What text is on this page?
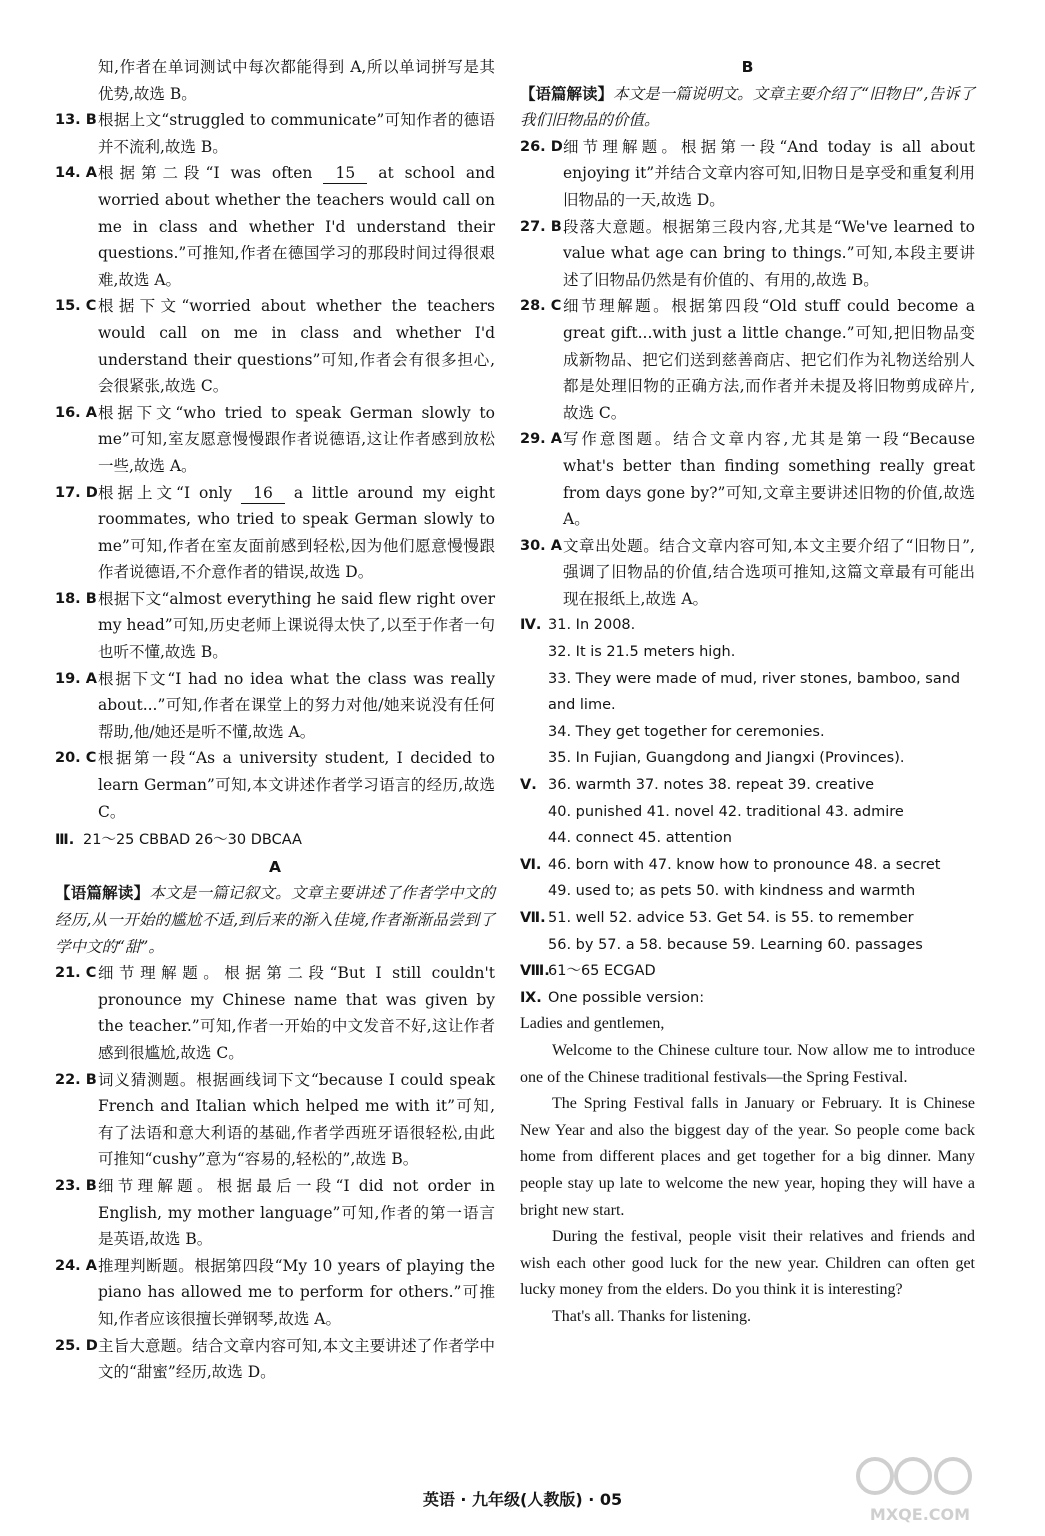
知,作者在单词测试中每次都能得到 A,所以单词拼写是其优势,故选 B。
13. B 根据上文“struggled to communicate”可知作者的德语并不流利,故选 B。
14. A 根据第二段“I was often 15 at school and worried about whether the teachers would call on me in class and whether I'd understand their questions.”可推知,作者在德国学习的那段时间过得很艰难,故选 A。
15. C 根据下文“worried about whether the teachers would call on me in class and whether I'd understand their questions”可知,作者会有很多担心,会很紧张,故选 C。
16. A 根据下文“who tried to speak German slowly to me”可知,室友愿意慢慢跟作者说德语,这让作者感到放松一些,故选 A。
17. D 根据上文“I only 16 a little around my eight roommates, who tried to speak German slowly to me”可知,作者在室友面前感到轻松,因为他们愿意慢慢跟作者说德语,不介意作者的错误,故选 D。
18. B 根据下文“almost everything he said flew right over my head”可知,历史老师上课说得太快了,以至于作者一句也听不懂,故选 B。
19. A 根据下文“I had no idea what the class was really about...”可知,作者在课堂上的努力对他/她来说没有任何帮助,他/她还是听不懂,故选 A。
20. C 根据第一段“As a university student, I decided to learn German”可知,本文讲述作者学习语言的经历,故选 C。
Ⅲ. 21～25 CBBAD 26～30 DBCAA
A
【语篇解读】本文是一篇记叙文。文章主要讲述了作者学中文的经历,从一开始的尴尬不适,到后来的渐入佳境,作者渐渐品尝到了学中文的“甜”。
21. C 细节理解题。根据第二段“But I still couldn't pronounce my Chinese name that was given by the teacher.”可知,作者一开始的中文发音不好,这让作者感到很尴尬,故选 C。
22. B 词义猜测题。根据画线词下文“because I could speak French and Italian which helped me with it”可知,有了法语和意大利语的基础,作者学西班牙语很轻松,由此可推知“cushy”意为“容易的,轻松的”,故选 B。
23. B 细节理解题。根据最后一段“I did not order in English, my mother language”可知,作者的第一语言是英语,故选 B。
24. A 推理判断题。根据第四段“My 10 years of playing the piano has allowed me to perform for others.”可推知,作者应该很擅长弹钢琴,故选 A。
25. D 主旨大意题。结合文章内容可知,本文主要讲述了作者学中文的“甜蜜”经历,故选 D。
B
【语篇解读】本文是一篇说明文。文章主要介绍了“旧物日”,告诉了我们旧物品的价值。
26. D 细节理解题。根据第一段“And today is all about enjoying it”并结合文章内容可知,旧物日是享受和重复利用旧物品的一天,故选 D。
27. B 段落大意题。根据第三段内容,尤其是“We've learned to value what age can bring to things.”可知,本段主要讲述了旧物品仍然是有价值的、有用的,故选 B。
28. C 细节理解题。根据第四段“Old stuff could become a great gift...with just a little change.”可知,把旧物品变成新物品、把它们送到慈善商店、把它们作为礼物送给别人都是处理旧物的正确方法,而作者并未提及将旧物剪成碎片,故选 C。
29. A 写作意图题。结合文章内容,尤其是第一段“Because what's better than finding something really great from days gone by?”可知,文章主要讲述旧物的价值,故选 A。
30. A 文章出处题。结合文章内容可知,本文主要介绍了“旧物日”,强调了旧物品的价值,结合选项可推知,这篇文章最有可能出现在报纸上,故选 A。
Ⅳ. 31. In 2008.
32. It is 21.5 meters high.
33. They were made of mud, river stones, bamboo, sand and lime.
34. They get together for ceremonies.
35. In Fujian, Guangdong and Jiangxi (Provinces).
Ⅴ. 36. warmth 37. notes 38. repeat 39. creative
40. punished 41. novel 42. traditional 43. admire
44. connect 45. attention
Ⅵ. 46. born with 47. know how to pronounce 48. a secret
49. used to; as pets 50. with kindness and warmth
Ⅶ. 51. well 52. advice 53. Get 54. is 55. to remember
56. by 57. a 58. because 59. Learning 60. passages
Ⅷ.61～65 ECGAD
Ⅸ. One possible version:

Ladies and gentlemen,

Welcome to the Chinese culture tour. Now allow me to introduce one of the Chinese traditional festivals—the Spring Festival.

The Spring Festival falls in January or February. It is Chinese New Year and also the biggest day of the year. So people come back home from different places and get together for a big dinner. Many people stay up late to welcome the new year, hoping they will have a bright new start.

During the festival, people visit their relatives and friends and wish each other good luck for the new year. Children can often get lucky money from the elders. Do you think it is interesting?

That's all. Thanks for listening.

英语 · 九年级(人教版) · 05
MXQE.COM
